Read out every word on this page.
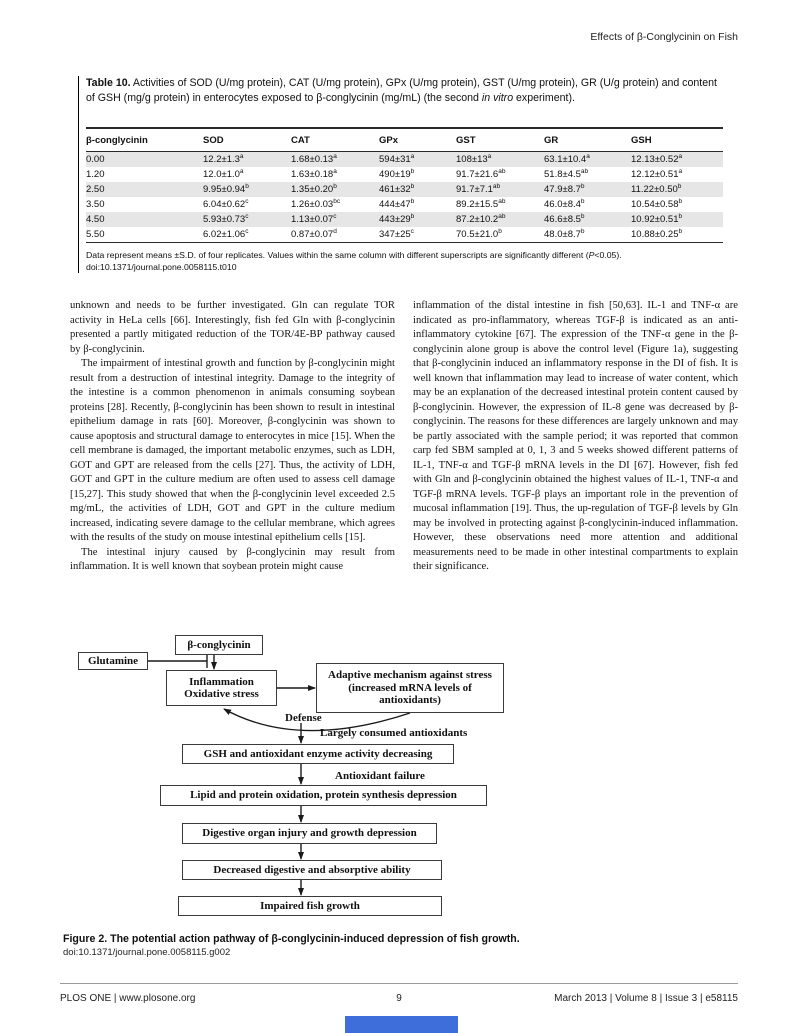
Effects of β-Conglycinin on Fish
Table 10. Activities of SOD (U/mg protein), CAT (U/mg protein), GPx (U/mg protein), GST (U/mg protein), GR (U/g protein) and content of GSH (mg/g protein) in enterocytes exposed to β-conglycinin (mg/mL) (the second in vitro experiment).
β-conglycinin	SOD	CAT	GPx	GST	GR	GSH
0.00	12.2±1.3$^a$	1.68±0.13$^a$	$594\pm 31^a$	$108\pm 13^a$	63.1±10.4$^a$	12.13±0.52$^a$
1.20	12.0±1.0$^a$	1.63±0.18$^a$	$490\pm 19^b$	91.7±21.6$^{ab}$	51.8±4.5$^{ab}$	12.12±0.51$^a$
2.50	9.95±0.94$^b$	1.35±0.20$^b$	$461\pm 32^b$	91.7±7.1$^{ab}$	47.9±8.7$^b$	11.22±0.50$^b$
3.50	6.04±0.62$^c$	1.26±0.03$^{bc}$	$444\pm 47^b$	89.2±15.5$^{ab}$	46.0±8.4$^b$	10.54±0.58$^b$
4.50	5.93±0.73$^c$	1.13±0.07$^c$	$443\pm 29^b$	87.2±10.2$^{ab}$	46.6±8.5$^b$	10.92±0.51$^b$
5.50	6.02±1.06$^c$	0.87±0.07$^d$	$347\pm 25^c$	70.5±21.0$^b$	48.0±8.7$^b$	10.88±0.25$^b$
Data represent means ±S.D. of four replicates. Values within the same column with different superscripts are significantly different (P<0.05).
doi:10.1371/journal.pone.0058115.t010

unknown and needs to be further investigated. Gln can regulate TOR activity in HeLa cells [66]. Interestingly, fish fed Gln with β-conglycinin presented a partly mitigated reduction of the TOR/4E-BP pathway caused by β-conglycinin.

The impairment of intestinal growth and function by β-conglycinin might result from a destruction of intestinal integrity. Damage to the integrity of the intestine is a common phenomenon in animals consuming soybean proteins [28]. Recently, β-conglycinin has been shown to result in intestinal epithelium damage in rats [60]. Moreover, β-conglycinin was shown to cause apoptosis and structural damage to enterocytes in mice [15]. When the cell membrane is damaged, the important metabolic enzymes, such as LDH, GOT and GPT are released from the cells [27]. Thus, the activity of LDH, GOT and GPT in the culture medium are often used to assess cell damage [15,27]. This study showed that when the β-conglycinin level exceeded 2.5 mg/mL, the activities of LDH, GOT and GPT in the culture medium increased, indicating severe damage to the cellular membrane, which agrees with the results of the study on mouse intestinal epithelium cells [15].

The intestinal injury caused by β-conglycinin may result from inflammation. It is well known that soybean protein might cause

inflammation of the distal intestine in fish [50,63]. IL-1 and TNF-α are indicated as pro-inflammatory, whereas TGF-β is indicated as an anti-inflammatory cytokine [67]. The expression of the TNF-α gene in the β-conglycinin alone group is above the control level (Figure 1a), suggesting that β-conglycinin induced an inflammatory response in the DI of fish. It is well known that inflammation may lead to increase of water content, which may be an explanation of the decreased intestinal protein content caused by β-conglycinin. However, the expression of IL-8 gene was decreased by β-conglycinin. The reasons for these differences are largely unknown and may be partly associated with the sample period; it was reported that common carp fed SBM sampled at 0, 1, 3 and 5 weeks showed different patterns of IL-1, TNF-α and TGF-β mRNA levels in the DI [67]. However, fish fed with Gln and β-conglycinin obtained the highest values of IL-1, TNF-α and TGF-β mRNA levels. TGF-β plays an important role in the prevention of mucosal inflammation [19]. Thus, the up-regulation of TGF-β levels by Gln may be involved in protecting against β-conglycinin-induced inflammation. However, these observations need more attention and additional measurements need to be made in other intestinal compartments to explain their significance.

β-conglycinin
Glutamine
Inflammation
Oxidative stress
Adaptive mechanism against stress (increased mRNA levels of antioxidants)
Defense
Largely consumed antioxidants
GSH and antioxidant enzyme activity decreasing
Antioxidant failure
Lipid and protein oxidation, protein synthesis depression
Digestive organ injury and growth depression
Decreased digestive and absorptive ability
Impaired fish growth
Figure 2. The potential action pathway of β-conglycinin-induced depression of fish growth.
doi:10.1371/journal.pone.0058115.g002
9
PLOS ONE | www.plosone.org	March 2013 | Volume 8 | Issue 3 | e58115
